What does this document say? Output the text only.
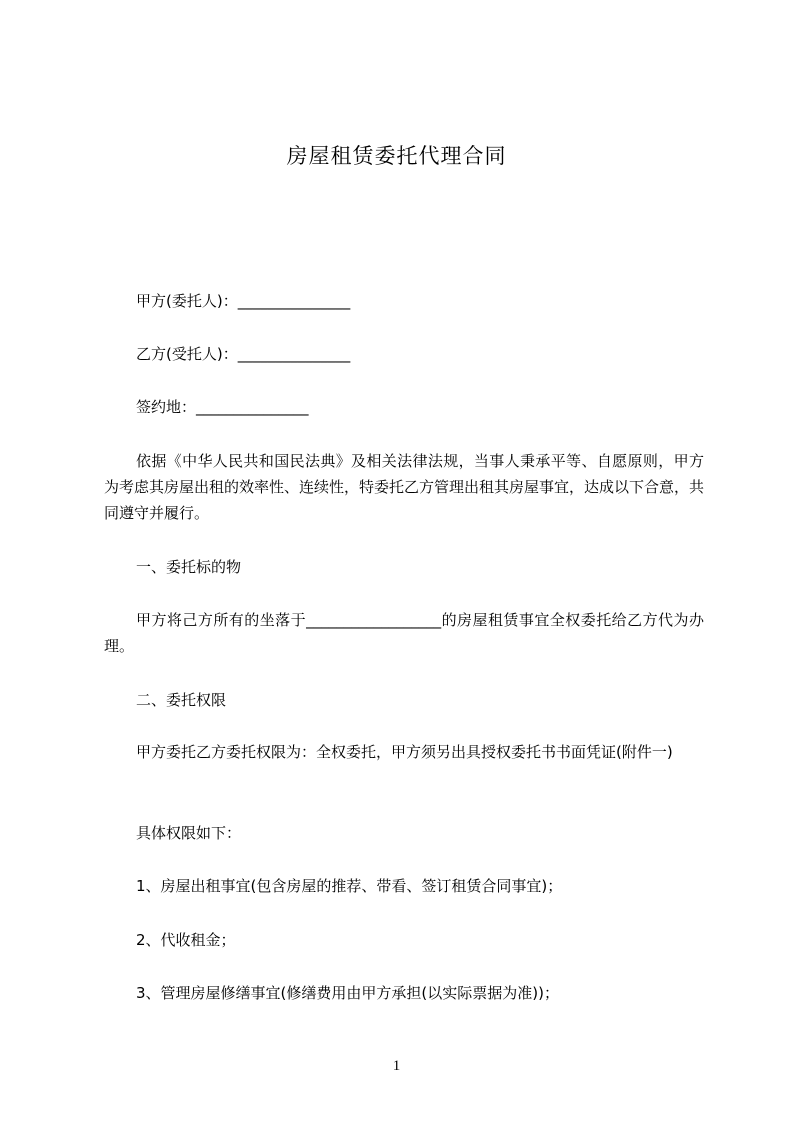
房屋租赁委托代理合同
甲方(委托人)：_______________
乙方(受托人)：_______________
签约地：_______________
依据《中华人民共和国民法典》及相关法律法规，当事人秉承平等、自愿原则，甲方为考虑其房屋出租的效率性、连续性，特委托乙方管理出租其房屋事宜，达成以下合意，共同遵守并履行。
一、委托标的物
甲方将己方所有的坐落于__________________的房屋租赁事宜全权委托给乙方代为办理。
二、委托权限
甲方委托乙方委托权限为：全权委托，甲方须另出具授权委托书书面凭证(附件一)
具体权限如下：
1、房屋出租事宜(包含房屋的推荐、带看、签订租赁合同事宜)；
2、代收租金；
3、管理房屋修缮事宜(修缮费用由甲方承担(以实际票据为准))；
1
